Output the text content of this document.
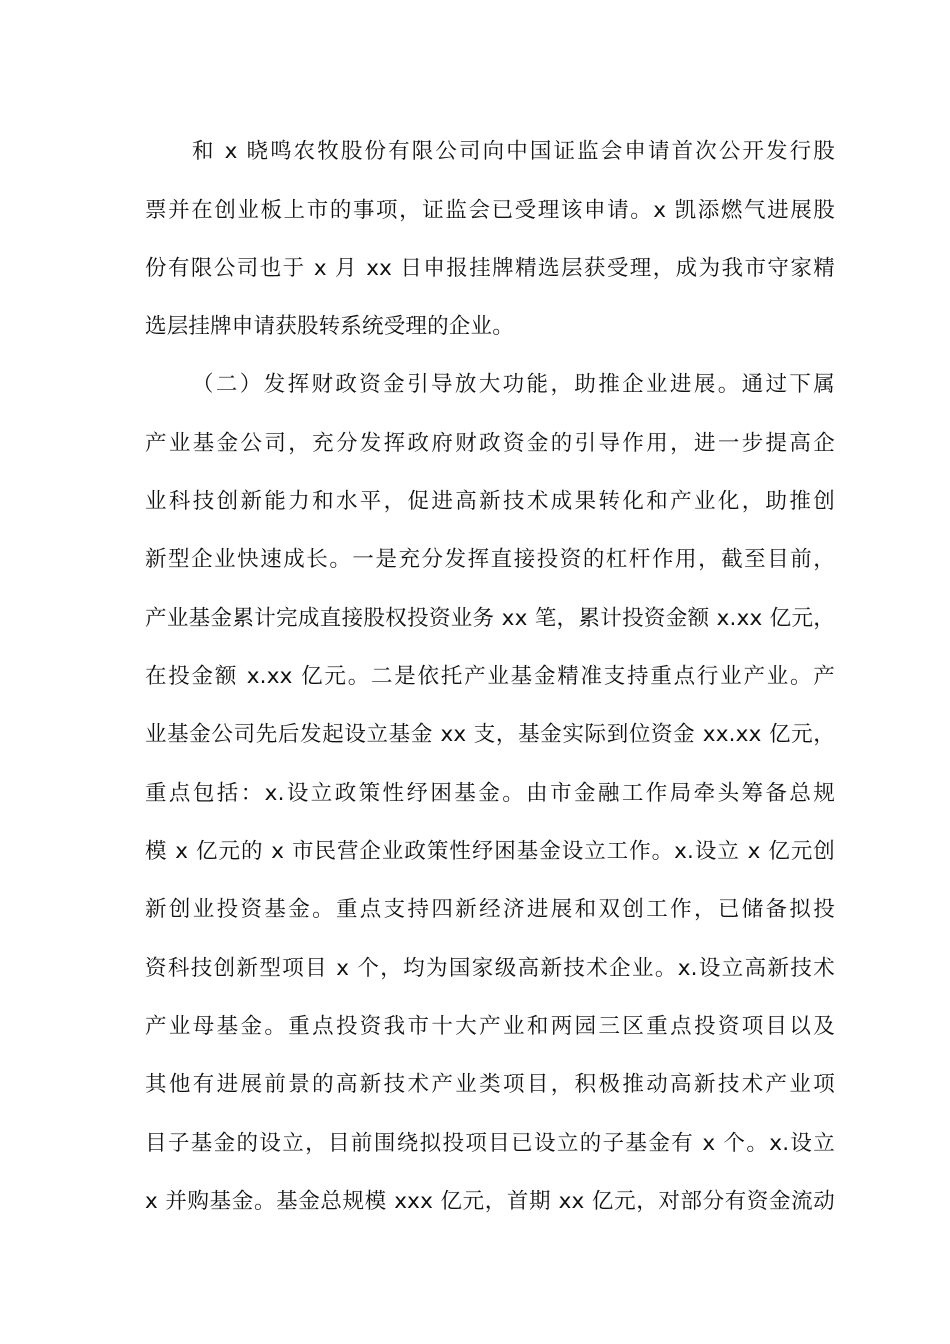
和 x 晓鸣农牧股份有限公司向中国证监会申请首次公开发行股
票并在创业板上市的事项，证监会已受理该申请。x 凯添燃气进展股
份有限公司也于 x 月 xx 日申报挂牌精选层获受理，成为我市守家精
选层挂牌申请获股转系统受理的企业。
（二）发挥财政资金引导放大功能，助推企业进展。通过下属
产业基金公司，充分发挥政府财政资金的引导作用，进一步提高企
业科技创新能力和水平，促进高新技术成果转化和产业化，助推创
新型企业快速成长。一是充分发挥直接投资的杠杆作用，截至目前，
产业基金累计完成直接股权投资业务 xx 笔，累计投资金额 x.xx 亿元，
在投金额 x.xx 亿元。二是依托产业基金精准支持重点行业产业。产
业基金公司先后发起设立基金 xx 支，基金实际到位资金 xx.xx 亿元，
重点包括：x.设立政策性纾困基金。由市金融工作局牵头筹备总规
模 x 亿元的 x 市民营企业政策性纾困基金设立工作。x.设立 x 亿元创
新创业投资基金。重点支持四新经济进展和双创工作，已储备拟投
资科技创新型项目 x 个，均为国家级高新技术企业。x.设立高新技术
产业母基金。重点投资我市十大产业和两园三区重点投资项目以及
其他有进展前景的高新技术产业类项目，积极推动高新技术产业项
目子基金的设立，目前围绕拟投项目已设立的子基金有 x 个。x.设立
x 并购基金。基金总规模 xxx 亿元，首期 xx 亿元，对部分有资金流动
